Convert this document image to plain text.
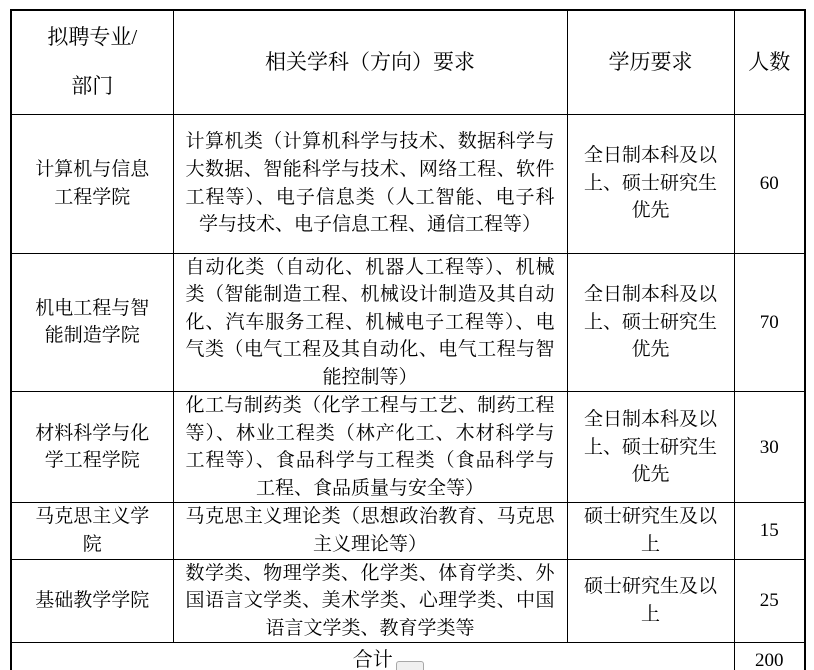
拟聘专业/
部门	相关学科（方向）要求	学历要求	人数
计算机与信息工程学院	计算机类（计算机科学与技术、数据科学与大数据、智能科学与技术、网络工程、软件工程等）、电子信息类（人工智能、电子科学与技术、电子信息工程、通信工程等）	全日制本科及以上、硕士研究生优先	60
机电工程与智能制造学院	自动化类（自动化、机器人工程等）、机械类（智能制造工程、机械设计制造及其自动化、汽车服务工程、机械电子工程等）、电气类（电气工程及其自动化、电气工程与智能控制等）	全日制本科及以上、硕士研究生优先	70
材料科学与化学工程学院	化工与制药类（化学工程与工艺、制药工程等）、林业工程类（林产化工、木材科学与工程等）、食品科学与工程类（食品科学与工程、食品质量与安全等）	全日制本科及以上、硕士研究生优先	30
马克思主义学院	马克思主义理论类（思想政治教育、马克思主义理论等）	硕士研究生及以上	15
基础教学学院	数学类、物理学类、化学类、体育学类、外国语言文学类、美术学类、心理学类、中国语言文学类、教育学类等	硕士研究生及以上	25
合计			200
